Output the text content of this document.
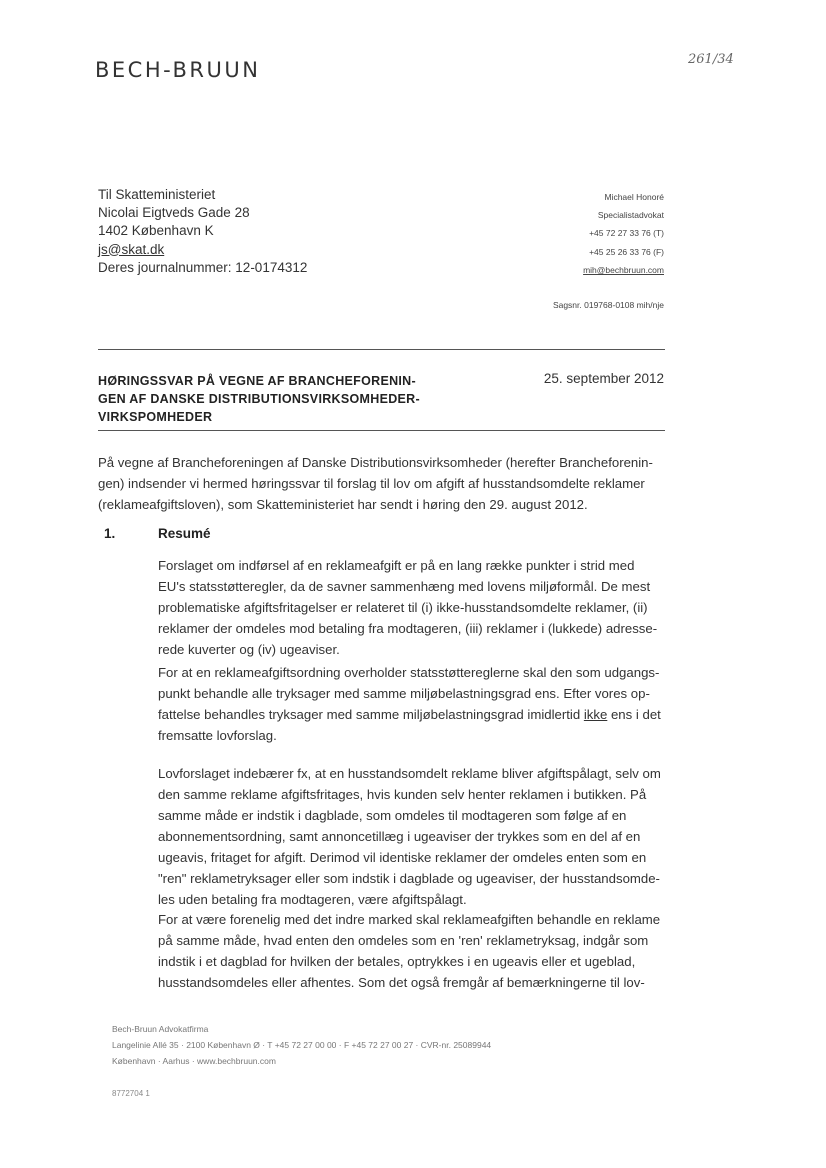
BECH-BRUUN	261/34
Til Skatteministeriet
Nicolai Eigtveds Gade 28
1402 København K
js@skat.dk
Deres journalnummer: 12-0174312
Michael Honoré
Specialistadvokat
+45 72 27 33 76 (T)
+45 25 26 33 76 (F)
mih@bechbruun.com
Sagsnr. 019768-0108 mih/nje
HØRINGSSVAR PÅ VEGNE AF BRANCHEFORENIN-
GEN AF DANSKE DISTRIBUTIONSVIRKSOMHEDER-
VIRKSPOMHEDER
25. september 2012
På vegne af Brancheforeningen af Danske Distributionsvirksomheder (herefter Brancheforenin-
gen) indsender vi hermed høringssvar til forslag til lov om afgift af husstandsomdelte reklamer
(reklameafgiftsloven), som Skatteministeriet har sendt i høring den 29. august 2012.
1.	Resumé
Forslaget om indførsel af en reklameafgift er på en lang række punkter i strid med
EU's statsstøtteregler, da de savner sammenhæng med lovens miljøformål. De mest
problematiske afgiftsfritagelser er relateret til (i) ikke-husstandsomdelte reklamer, (ii)
reklamer der omdeles mod betaling fra modtageren, (iii) reklamer i (lukkede) adresse-
rede kuverter og (iv) ugeaviser.
For at en reklameafgiftsordning overholder statsstøttereglerne skal den som udgangs-
punkt behandle alle tryksager med samme miljøbelastningsgrad ens. Efter vores op-
fattelse behandles tryksager med samme miljøbelastningsgrad imidlertid ikke ens i det
fremsatte lovforslag.
Lovforslaget indebærer fx, at en husstandsomdelt reklame bliver afgiftspålagt, selv om
den samme reklame afgiftsfritages, hvis kunden selv henter reklamen i butikken. På
samme måde er indstik i dagblade, som omdeles til modtageren som følge af en
abonnementsordning, samt annoncetillæg i ugeaviser der trykkes som en del af en
ugeavis, fritaget for afgift. Derimod vil identiske reklamer der omdeles enten som en
"ren" reklametryksager eller som indstik i dagblade og ugeaviser, der husstandsomde-
les uden betaling fra modtageren, være afgiftspålagt.
For at være forenelig med det indre marked skal reklameafgiften behandle en reklame
på samme måde, hvad enten den omdeles som en 'ren' reklametryksag, indgår som
indstik i et dagblad for hvilken der betales, optrykkes i en ugeavis eller et ugeblad,
husstandsomdeles eller afhentes. Som det også fremgår af bemærkningerne til lov-
Bech-Bruun Advokatfirma
Langelinie Allé 35 · 2100 København Ø · T +45 72 27 00 00 · F +45 72 27 00 27 · CVR-nr. 25089944
København · Aarhus · www.bechbruun.com
8772704 1
